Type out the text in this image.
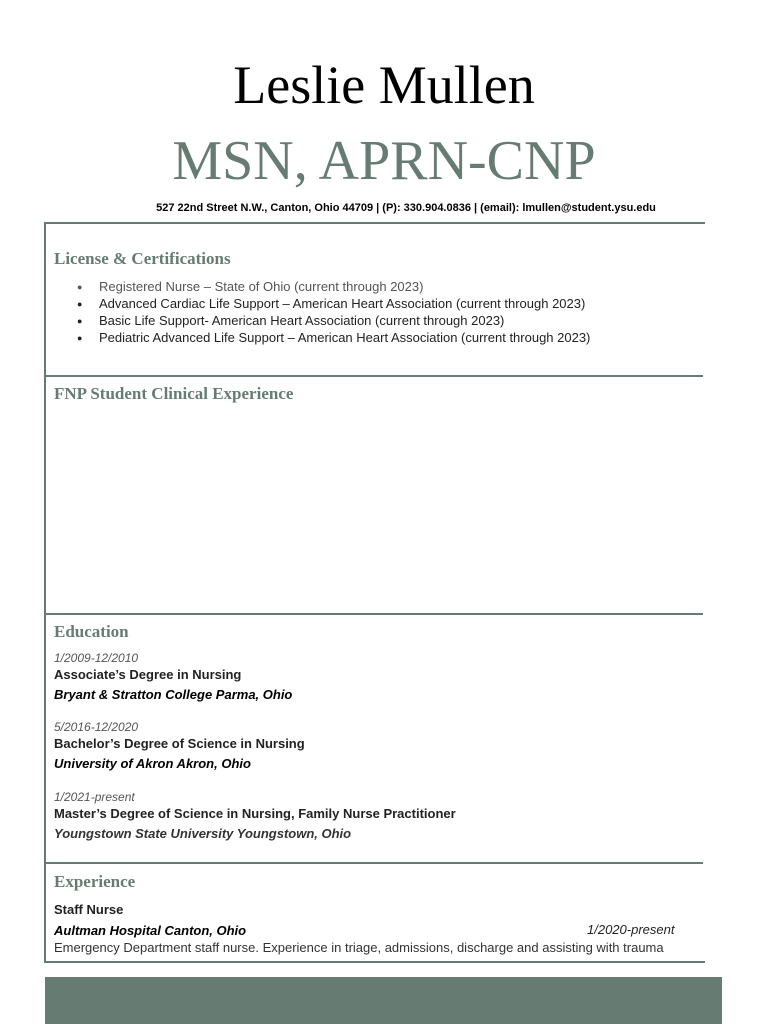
Leslie Mullen
MSN, APRN-CNP
527 22nd Street N.W., Canton, Ohio 44709 | (P): 330.904.0836 | (email): lmullen@student.ysu.edu
License & Certifications
● Registered Nurse – State of Ohio (current through 2023)
● Advanced Cardiac Life Support – American Heart Association (current through 2023)
● Basic Life Support- American Heart Association (current through 2023)
● Pediatric Advanced Life Support – American Heart Association (current through 2023)
FNP Student Clinical Experience
Education
1/2009-12/2010
Associate’s Degree in Nursing
Bryant & Stratton College Parma, Ohio
5/2016-12/2020
Bachelor’s Degree of Science in Nursing
University of Akron Akron, Ohio
1/2021-present
Master’s Degree of Science in Nursing, Family Nurse Practitioner
Youngstown State University Youngstown, Ohio
Experience
Staff Nurse
Aultman Hospital Canton, Ohio	1/2020-present
Emergency Department staff nurse. Experience in triage, admissions, discharge and assisting with trauma
